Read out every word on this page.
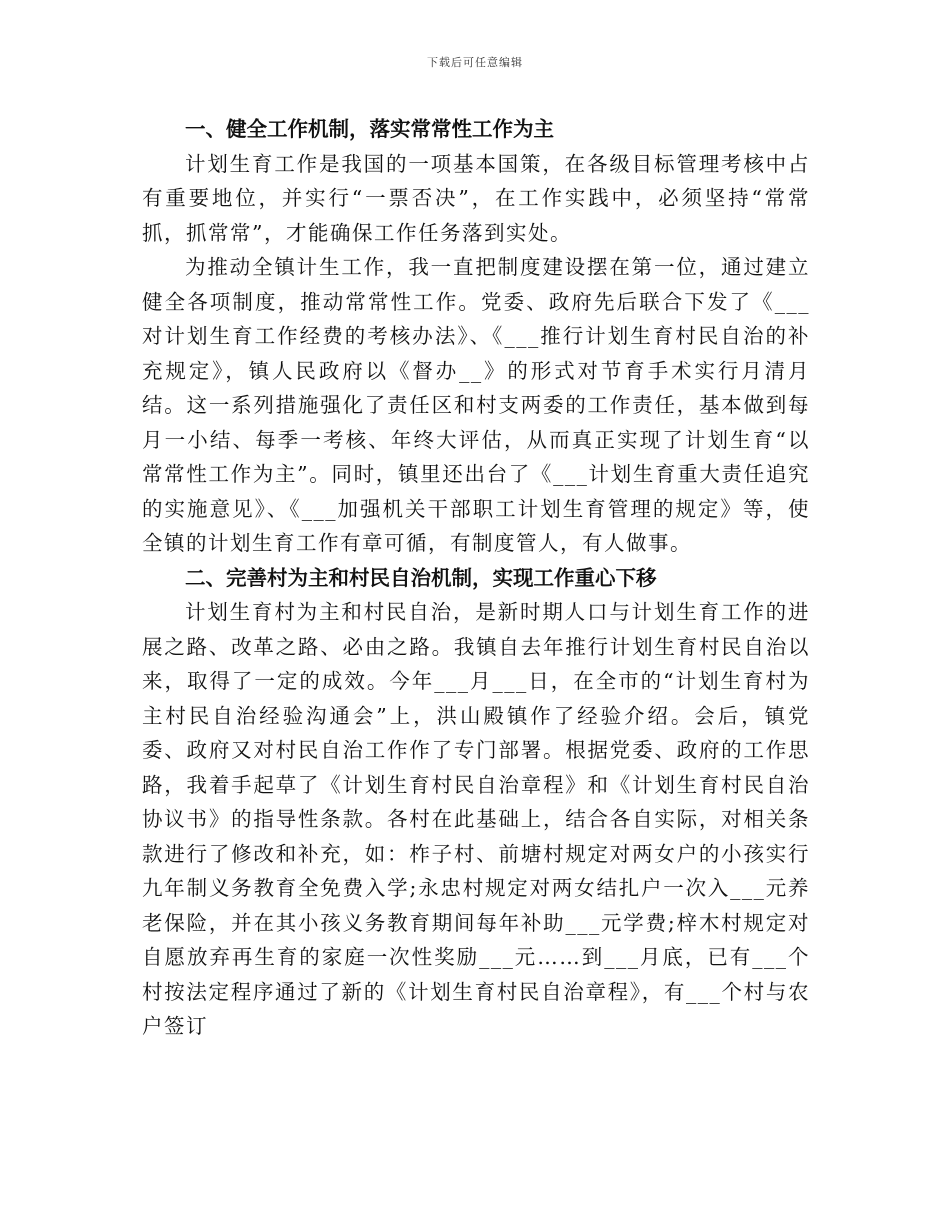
下载后可任意编辑
一、健全工作机制，落实常常性工作为主

计划生育工作是我国的一项基本国策，在各级目标管理考核中占有重要地位，并实行“一票否决”，在工作实践中，必须坚持“常常抓，抓常常”，才能确保工作任务落到实处。

为推动全镇计生工作，我一直把制度建设摆在第一位，通过建立健全各项制度，推动常常性工作。党委、政府先后联合下发了《___对计划生育工作经费的考核办法》、《___推行计划生育村民自治的补充规定》，镇人民政府以《督办__》的形式对节育手术实行月清月结。这一系列措施强化了责任区和村支两委的工作责任，基本做到每月一小结、每季一考核、年终大评估，从而真正实现了计划生育“以常常性工作为主”。同时，镇里还出台了《___计划生育重大责任追究的实施意见》、《___加强机关干部职工计划生育管理的规定》等，使全镇的计划生育工作有章可循，有制度管人，有人做事。

二、完善村为主和村民自治机制，实现工作重心下移

计划生育村为主和村民自治，是新时期人口与计划生育工作的进展之路、改革之路、必由之路。我镇自去年推行计划生育村民自治以来，取得了一定的成效。今年___月___日，在全市的“计划生育村为主村民自治经验沟通会”上，洪山殿镇作了经验介绍。会后，镇党委、政府又对村民自治工作作了专门部署。根据党委、政府的工作思路，我着手起草了《计划生育村民自治章程》和《计划生育村民自治协议书》的指导性条款。各村在此基础上，结合各自实际，对相关条款进行了修改和补充，如：柞子村、前塘村规定对两女户的小孩实行九年制义务教育全免费入学;永忠村规定对两女结扎户一次入___元养老保险，并在其小孩义务教育期间每年补助___元学费;梓木村规定对自愿放弃再生育的家庭一次性奖励___元……到___月底，已有___个村按法定程序通过了新的《计划生育村民自治章程》，有___个村与农户签订
